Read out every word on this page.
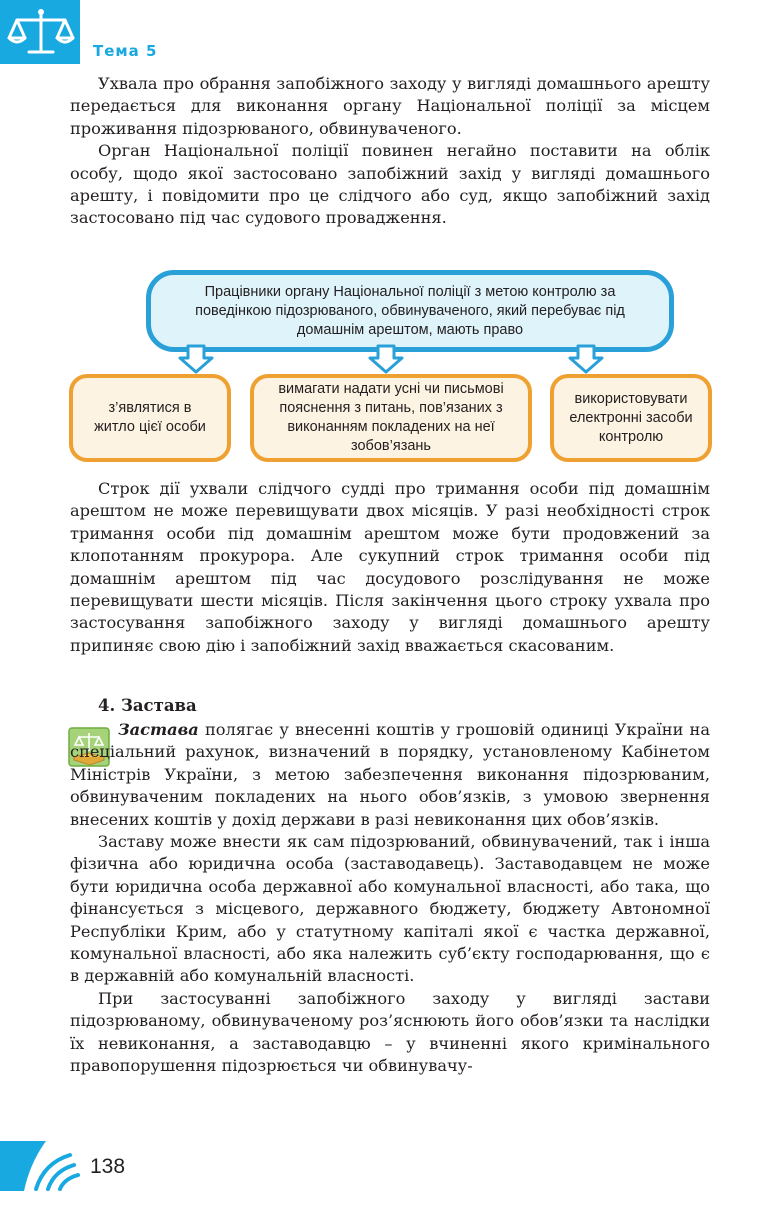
Тема 5

Ухвала про обрання запобіжного заходу у вигляді домашнього арешту передається для виконання органу Національної поліції за місцем проживання підозрюваного, обвинуваченого.

Орган Національної поліції повинен негайно поставити на облік особу, щодо якої застосовано запобіжний захід у вигляді домашнього арешту, і повідомити про це слідчого або суд, якщо запобіжний захід застосовано під час судового провадження.

Працівники органу Національної поліції з метою контролю за поведінкою підозрюваного, обвинуваченого, який перебуває під домашнім арештом, мають право
з’являтися в житло цієї особи
вимагати надати усні чи письмові пояснення з питань, пов’язаних з виконанням покладених на неї зобов’язань
використовувати електронні засоби контролю

Строк дії ухвали слідчого судді про тримання особи під домашнім арештом не може перевищувати двох місяців. У разі необхідності строк тримання особи під домашнім арештом може бути продовжений за клопотанням прокурора. Але сукупний строк тримання особи під домашнім арештом під час досудового розслідування не може перевищувати шести місяців. Після закінчення цього строку ухвала про застосування запобіжного заходу у вигляді домашнього арешту припиняє свою дію і запобіжний захід вважається скасованим.

4. Застава

Застава полягає у внесенні коштів у грошовій одиниці України на спеціальний рахунок, визначений в порядку, установленому Кабінетом Міністрів України, з метою забезпечення виконання підозрюваним, обвинуваченим покладених на нього обов’язків, з умовою звернення внесених коштів у дохід держави в разі невиконання цих обов’язків.

Заставу може внести як сам підозрюваний, обвинувачений, так і інша фізична або юридична особа (заставодавець). Заставодавцем не може бути юридична особа державної або комунальної власності, або така, що фінансується з місцевого, державного бюджету, бюджету Автономної Республіки Крим, або у статутному капіталі якої є частка державної, комунальної власності, або яка належить суб’єкту господарювання, що є в державній або комунальній власності.

При застосуванні запобіжного заходу у вигляді застави підозрюваному, обвинуваченому роз’яснюють його обов’язки та наслідки їх невиконання, а заставодавцю – у вчиненні якого кримінального правопорушення підозрюється чи обвинувачу-

138
